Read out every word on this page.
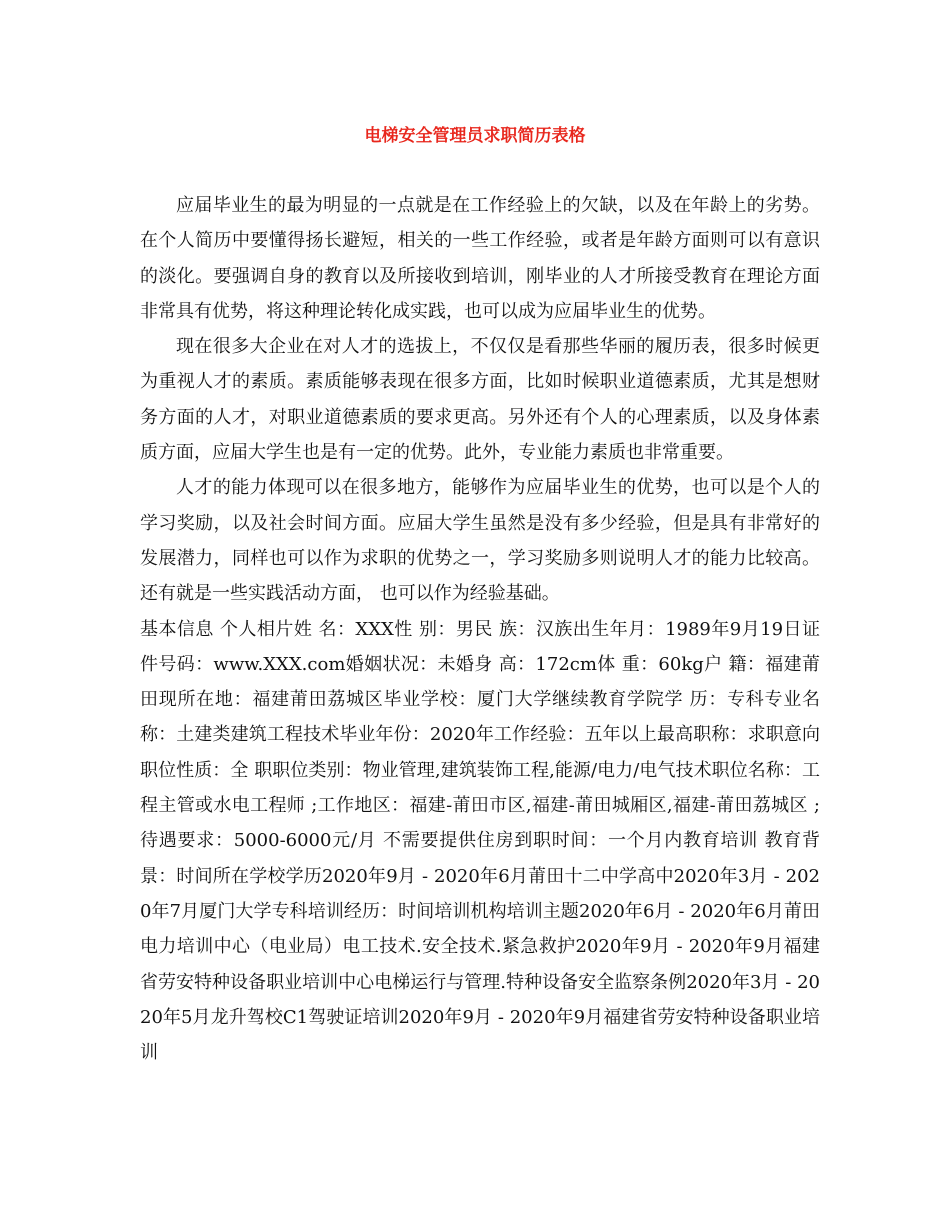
电梯安全管理员求职简历表格

应届毕业生的最为明显的一点就是在工作经验上的欠缺，以及在年龄上的劣势。在个人简历中要懂得扬长避短，相关的一些工作经验，或者是年龄方面则可以有意识的淡化。要强调自身的教育以及所接收到培训，刚毕业的人才所接受教育在理论方面非常具有优势，将这种理论转化成实践，也可以成为应届毕业生的优势。

现在很多大企业在对人才的选拔上，不仅仅是看那些华丽的履历表，很多时候更为重视人才的素质。素质能够表现在很多方面，比如时候职业道德素质，尤其是想财务方面的人才，对职业道德素质的要求更高。另外还有个人的心理素质，以及身体素质方面，应届大学生也是有一定的优势。此外，专业能力素质也非常重要。

人才的能力体现可以在很多地方，能够作为应届毕业生的优势，也可以是个人的学习奖励，以及社会时间方面。应届大学生虽然是没有多少经验，但是具有非常好的发展潜力，同样也可以作为求职的优势之一，学习奖励多则说明人才的能力比较高。还有就是一些实践活动方面， 也可以作为经验基础。

基本信息 个人相片姓 名：XXX性 别：男民 族：汉族出生年月：1989年9月19日证件号码：www.XXX.com婚姻状况：未婚身 高：172cm体 重：60kg户 籍：福建莆田现所在地：福建莆田荔城区毕业学校：厦门大学继续教育学院学 历：专科专业名称：土建类建筑工程技术毕业年份：2020年工作经验：五年以上最高职称：求职意向 职位性质：全 职职位类别：物业管理,建筑装饰工程,能源/电力/电气技术职位名称：工程主管或水电工程师 ;工作地区：福建-莆田市区,福建-莆田城厢区,福建-莆田荔城区 ;待遇要求：5000-6000元/月 不需要提供住房到职时间：一个月内教育培训 教育背景：时间所在学校学历2020年9月 - 2020年6月莆田十二中学高中2020年3月 - 2020年7月厦门大学专科培训经历：时间培训机构培训主题2020年6月 - 2020年6月莆田电力培训中心（电业局）电工技术.安全技术.紧急救护2020年9月 - 2020年9月福建省劳安特种设备职业培训中心电梯运行与管理.特种设备安全监察条例2020年3月 - 2020年5月龙升驾校C1驾驶证培训2020年9月 - 2020年9月福建省劳安特种设备职业培训
